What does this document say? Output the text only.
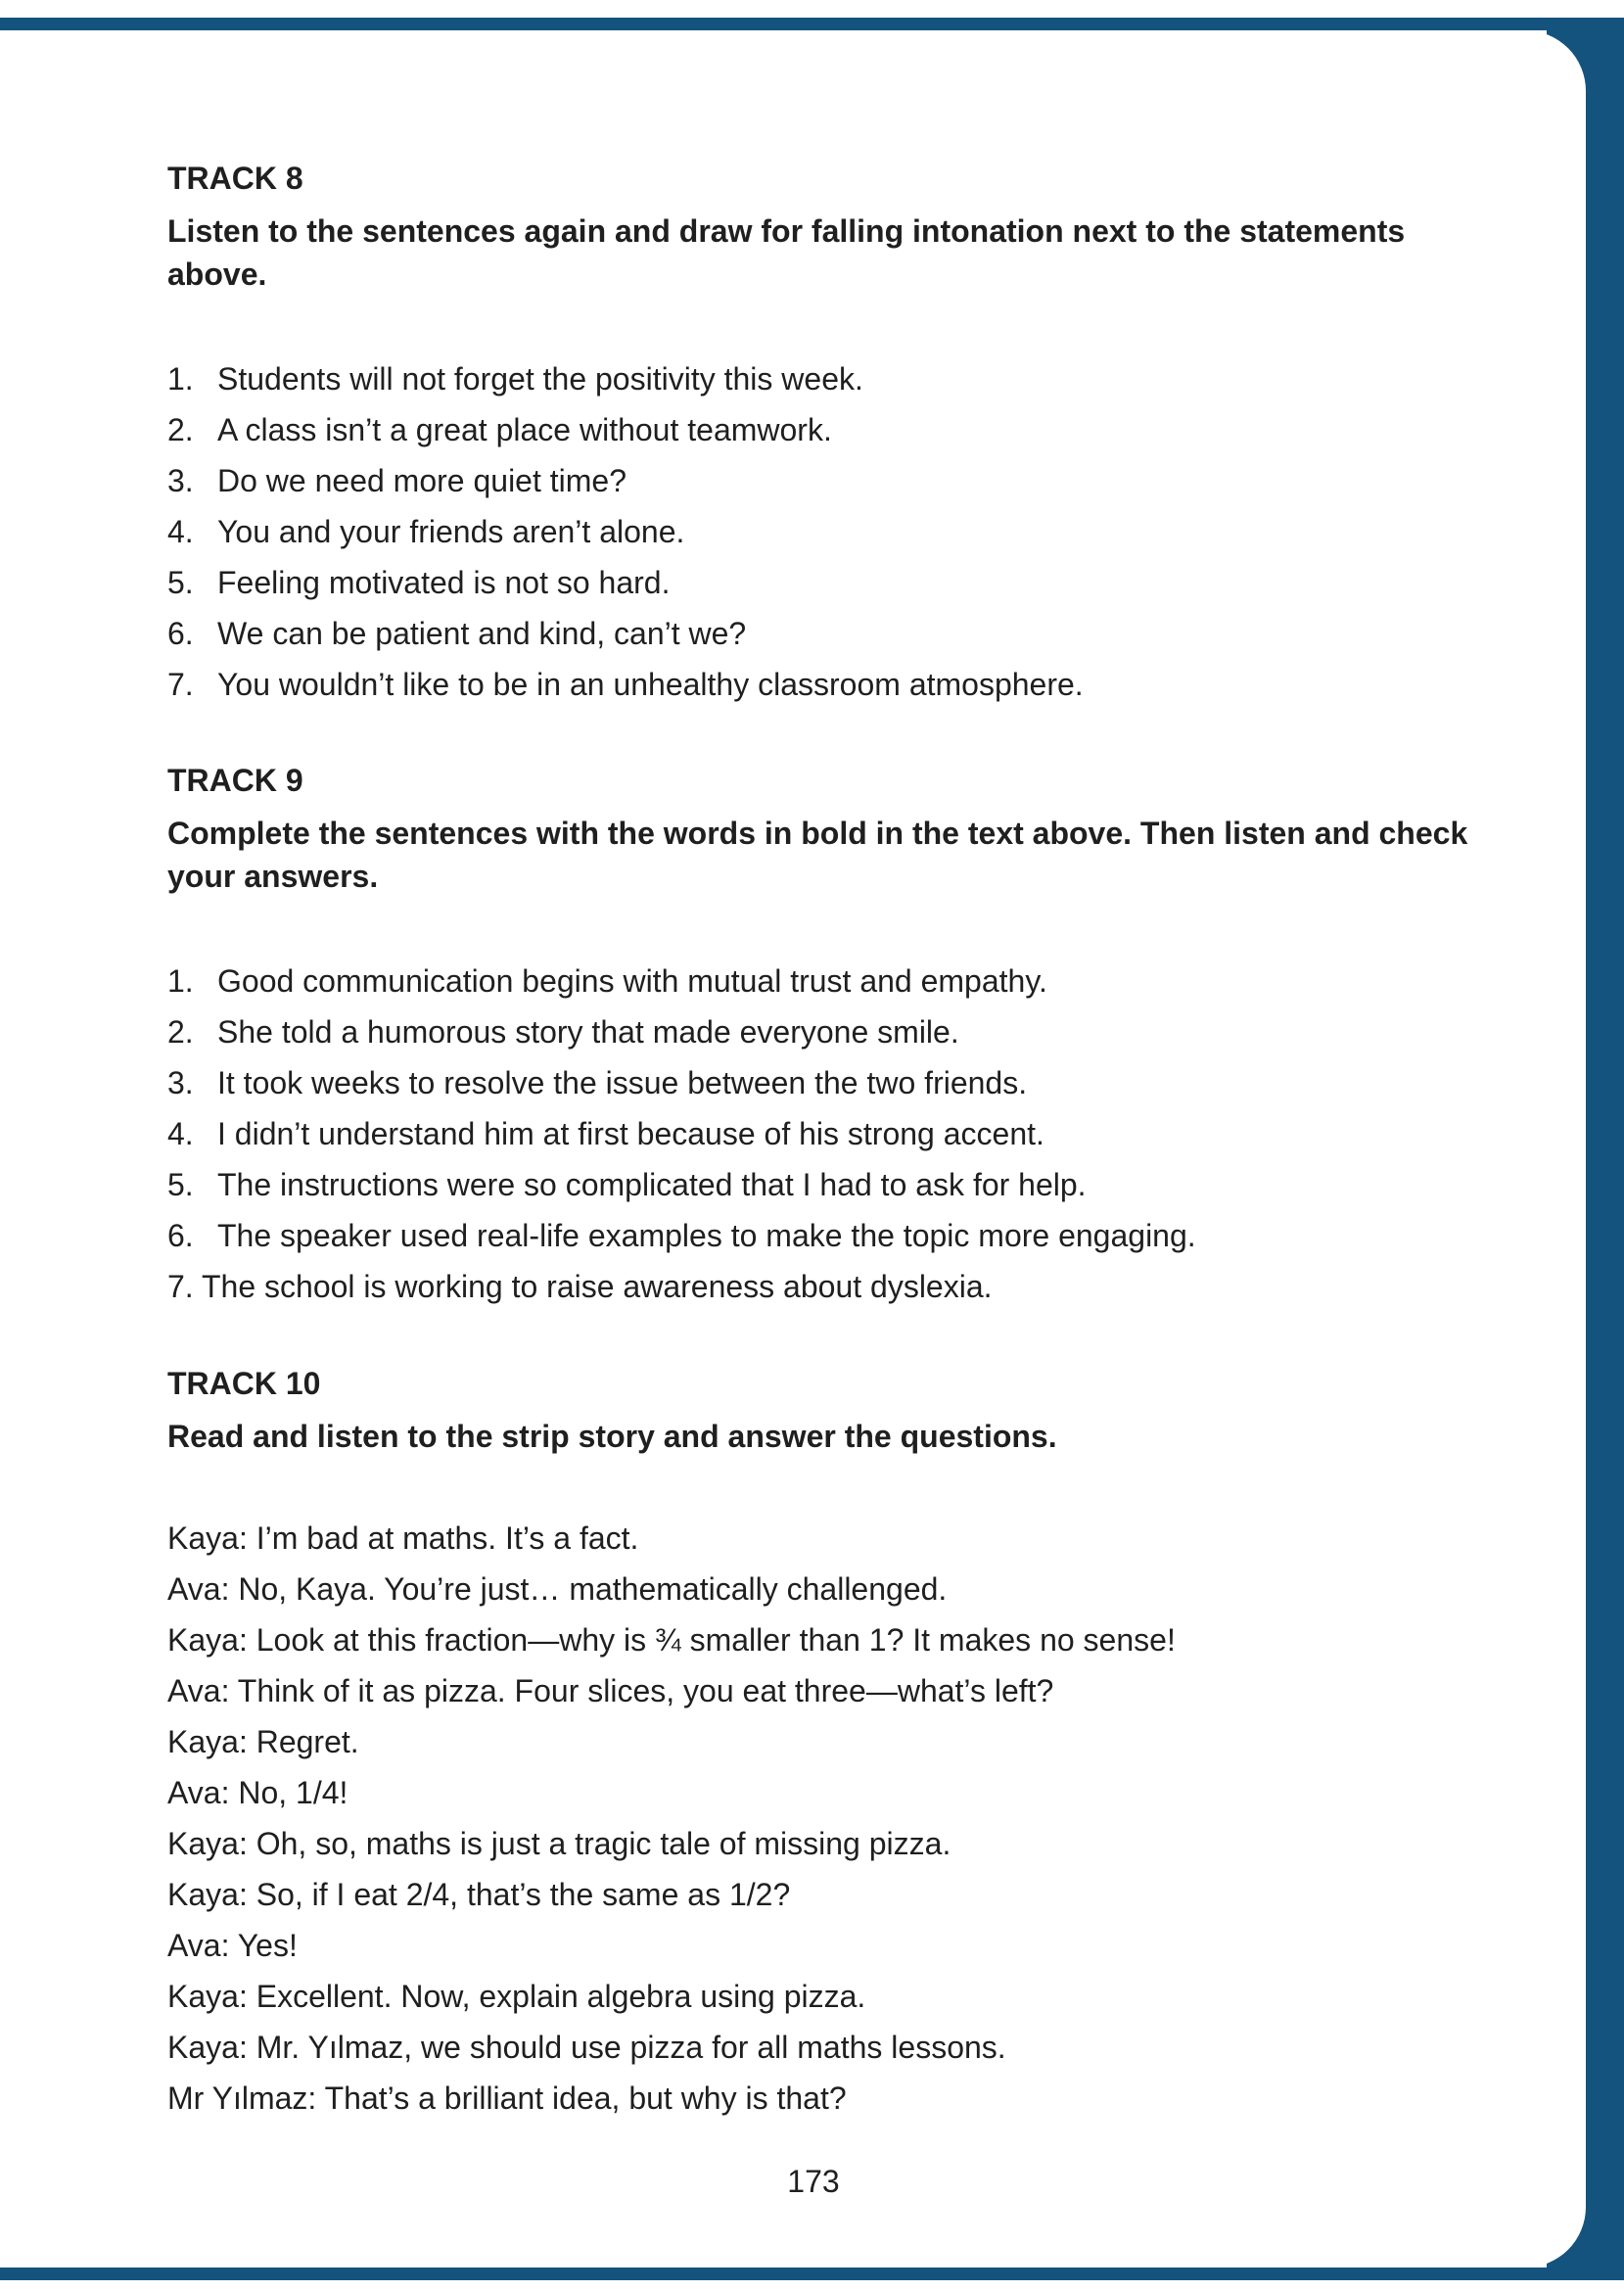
TRACK 8

Listen to the sentences again and draw for falling intonation next to the statements above.

1. Students will not forget the positivity this week.
2. A class isn’t a great place without teamwork.
3. Do we need more quiet time?
4. You and your friends aren’t alone.
5. Feeling motivated is not so hard.
6. We can be patient and kind, can’t we?
7. You wouldn’t like to be in an unhealthy classroom atmosphere.
TRACK 9

Complete the sentences with the words in bold in the text above. Then listen and check your answers.

1. Good communication begins with mutual trust and empathy.
2. She told a humorous story that made everyone smile.
3. It took weeks to resolve the issue between the two friends.
4. I didn’t understand him at first because of his strong accent.
5. The instructions were so complicated that I had to ask for help.
6. The speaker used real-life examples to make the topic more engaging.
7. The school is working to raise awareness about dyslexia.
TRACK 10

Read and listen to the strip story and answer the questions.

Kaya: I’m bad at maths. It’s a fact.
Ava: No, Kaya. You’re just… mathematically challenged.
Kaya: Look at this fraction—why is ¾ smaller than 1? It makes no sense!
Ava: Think of it as pizza. Four slices, you eat three—what’s left?
Kaya: Regret.
Ava: No, 1/4!
Kaya: Oh, so, maths is just a tragic tale of missing pizza.
Kaya: So, if I eat 2/4, that’s the same as 1/2?
Ava: Yes!
Kaya: Excellent. Now, explain algebra using pizza.
Kaya: Mr. Yılmaz, we should use pizza for all maths lessons.
Mr Yılmaz: That’s a brilliant idea, but why is that?
173
